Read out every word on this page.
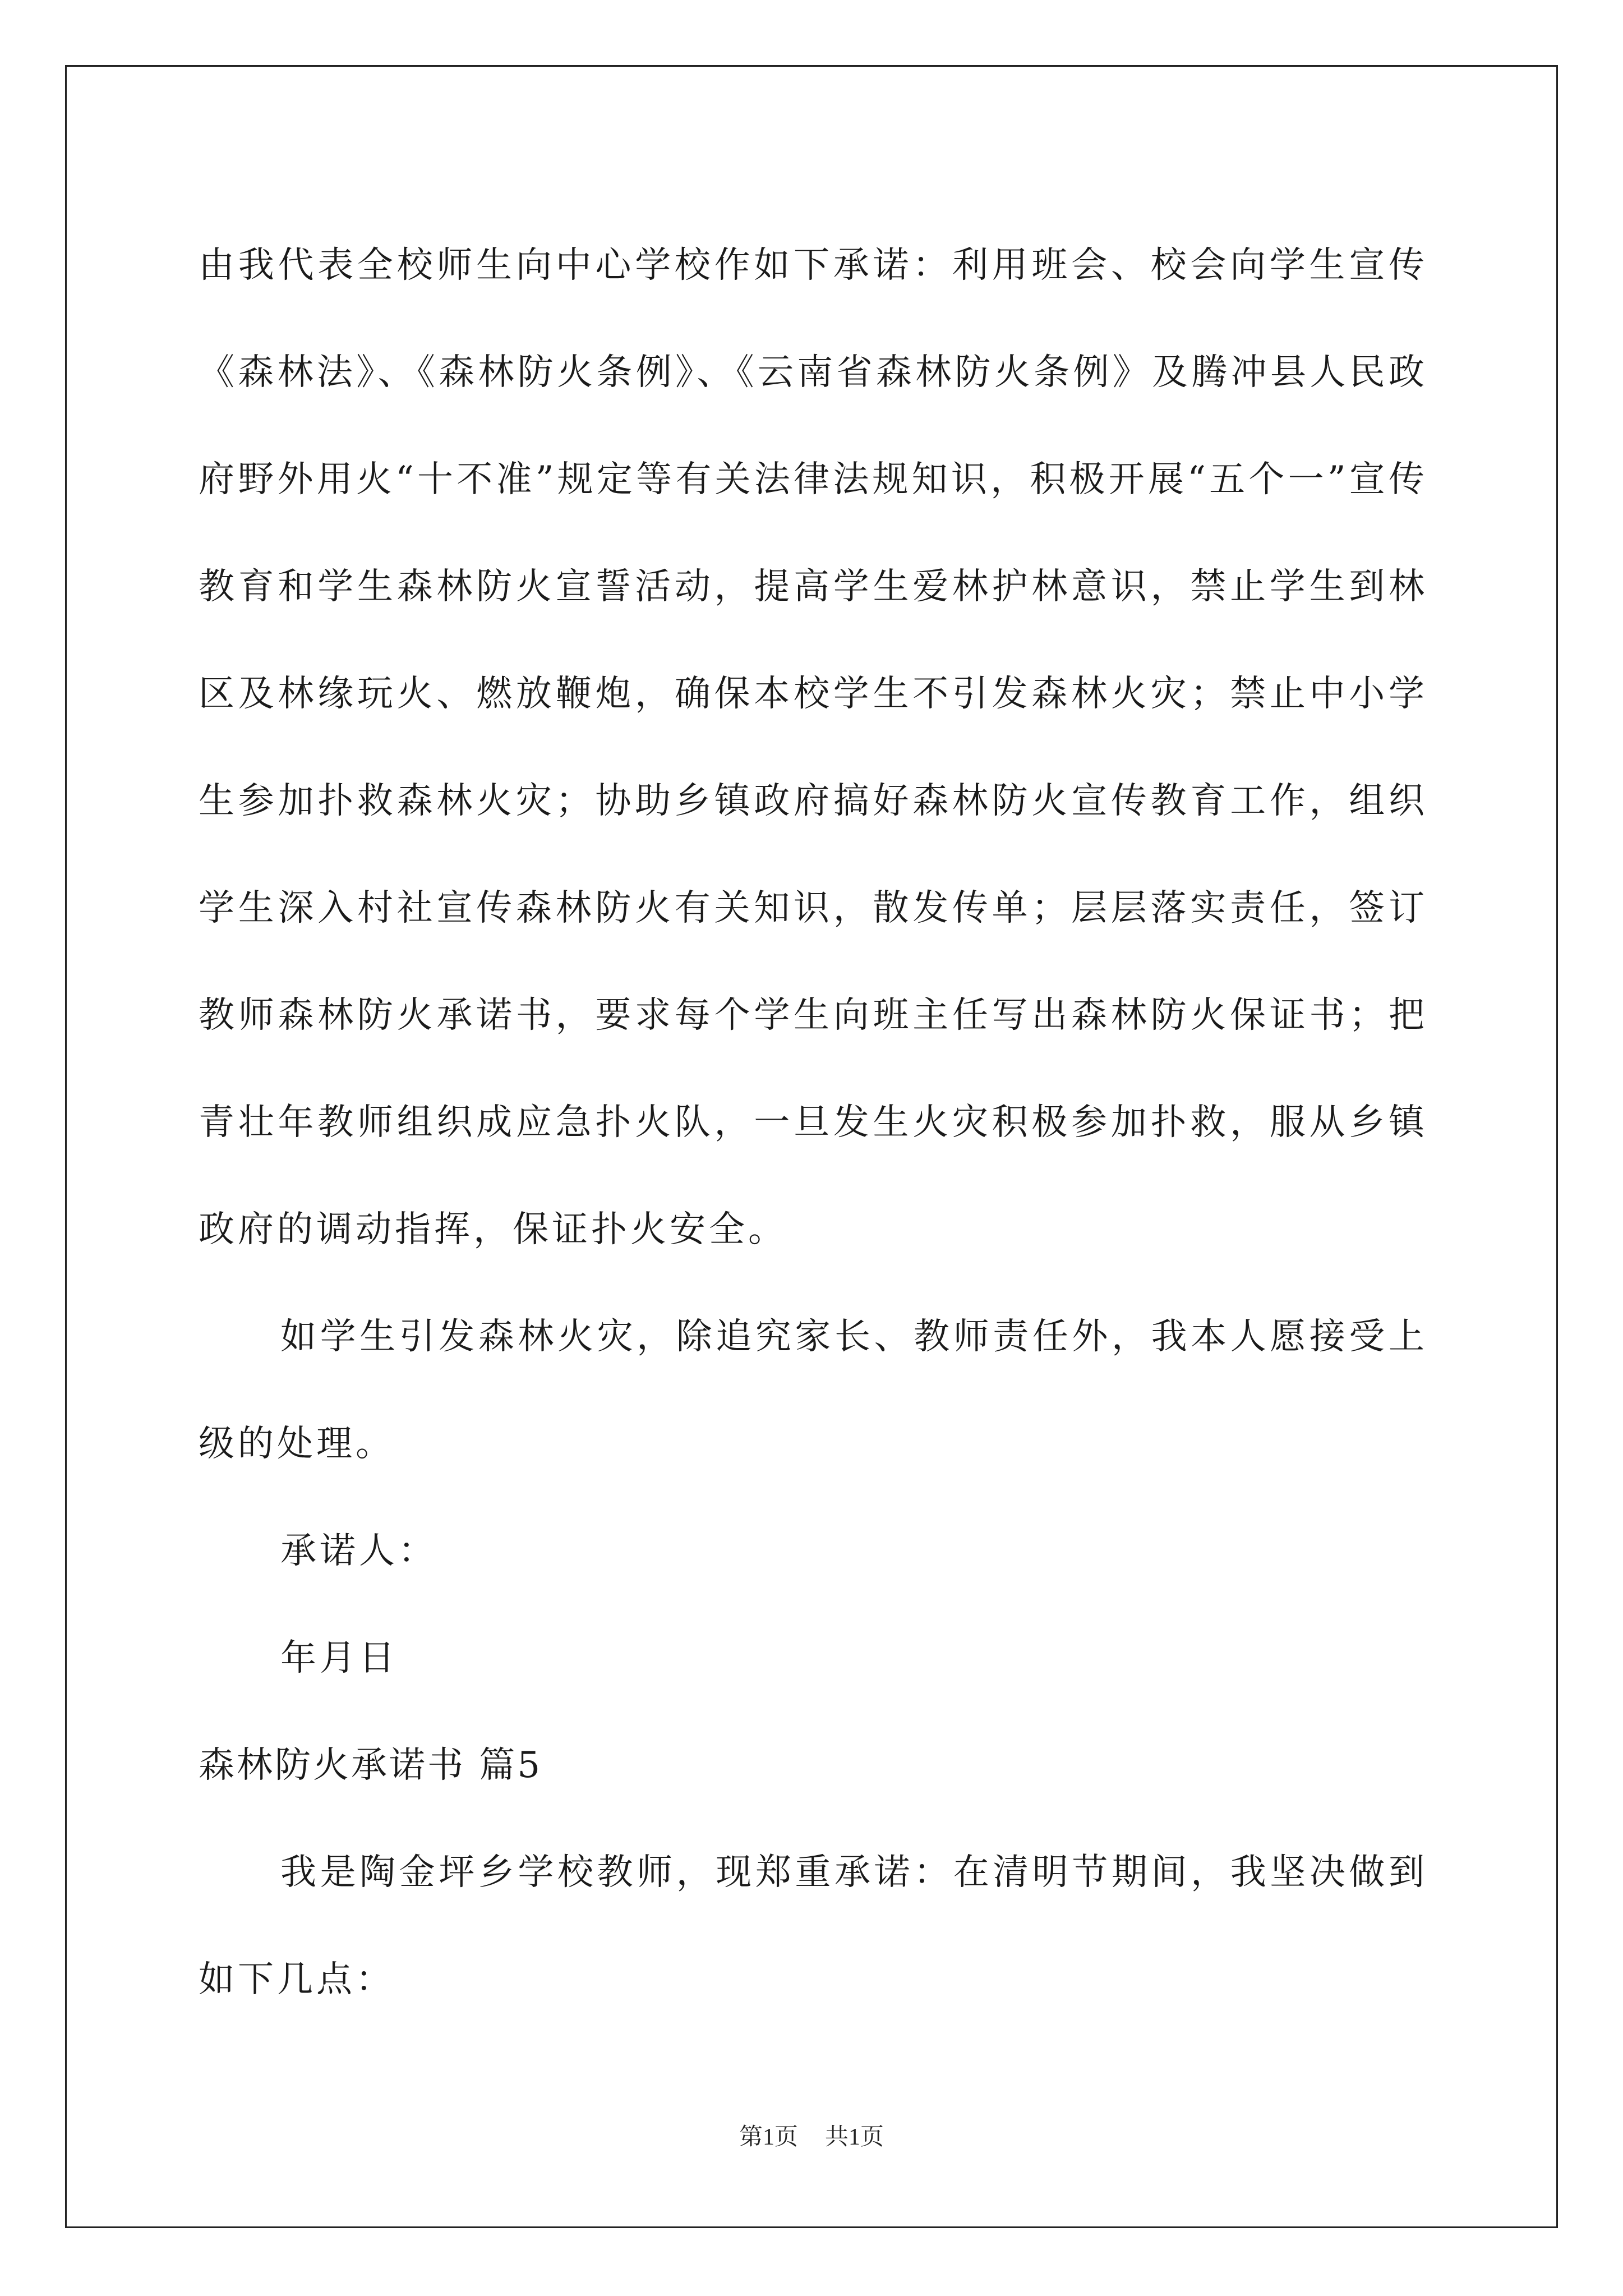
由我代表全校师生向中心学校作如下承诺：利用班会、校会向学生宣传《森林法》、《森林防火条例》、《云南省森林防火条例》及腾冲县人民政府野外用火“十不准”规定等有关法律法规知识，积极开展“五个一”宣传教育和学生森林防火宣誓活动，提高学生爱林护林意识，禁止学生到林区及林缘玩火、燃放鞭炮，确保本校学生不引发森林火灾；禁止中小学生参加扑救森林火灾；协助乡镇政府搞好森林防火宣传教育工作，组织学生深入村社宣传森林防火有关知识，散发传单；层层落实责任，签订教师森林防火承诺书，要求每个学生向班主任写出森林防火保证书；把青壮年教师组织成应急扑火队，一旦发生火灾积极参加扑救，服从乡镇政府的调动指挥，保证扑火安全。

如学生引发森林火灾，除追究家长、教师责任外，我本人愿接受上级的处理。

承诺人：

年月日

森林防火承诺书 篇5

我是陶金坪乡学校教师，现郑重承诺：在清明节期间，我坚决做到如下几点：

第1页 共1页
